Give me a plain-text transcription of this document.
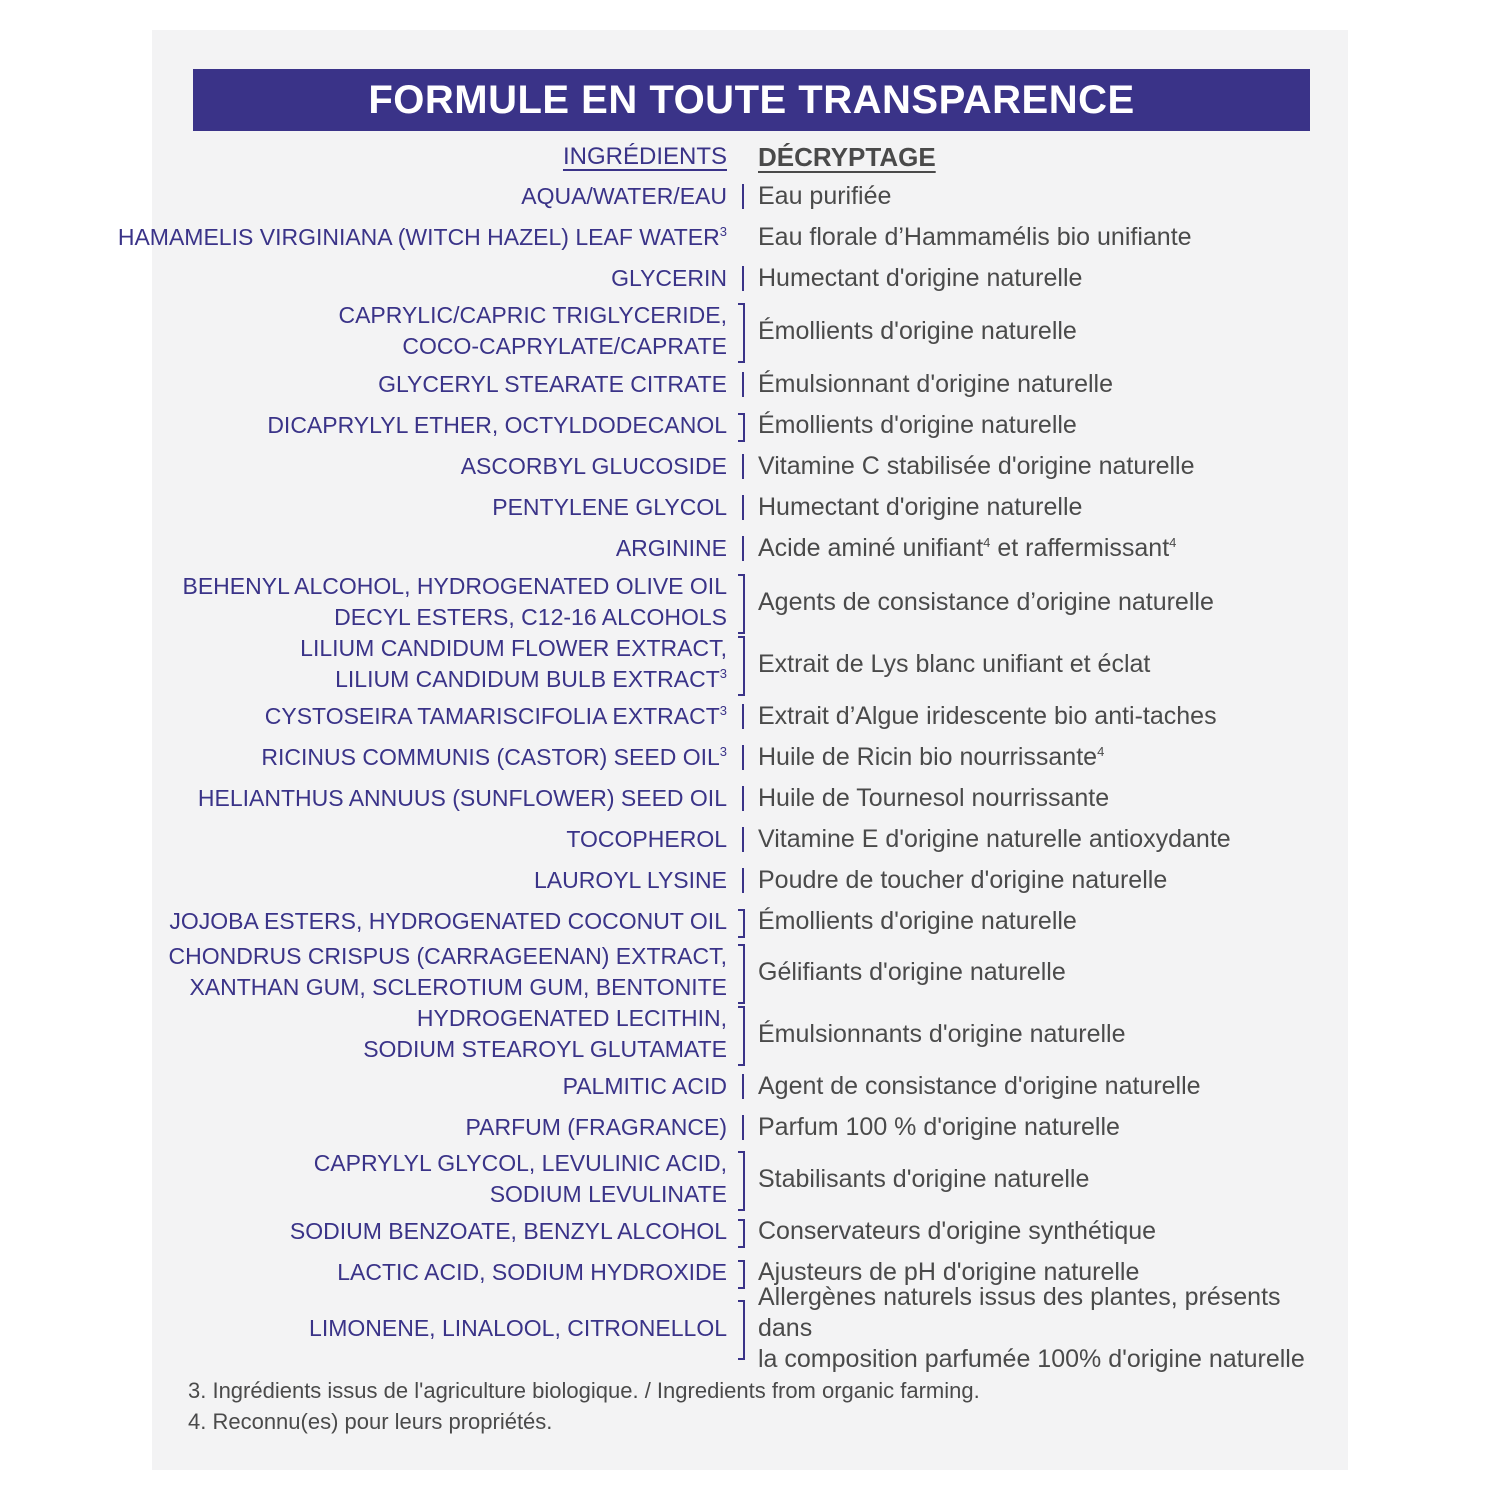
FORMULE EN TOUTE TRANSPARENCE
INGRÉDIENTS DÉCRYPTAGE
AQUA/WATER/EAU Eau purifiée
HAMAMELIS VIRGINIANA (WITCH HAZEL) LEAF WATER$^3$ Eau florale d’Hammamélis bio unifiante
GLYCERIN Humectant d'origine naturelle
CAPRYLIC/CAPRIC TRIGLYCERIDE,
COCO-CAPRYLATE/CAPRATE
Émollients d'origine naturelle
GLYCERYL STEARATE CITRATE Émulsionnant d'origine naturelle
DICAPRYLYL ETHER, OCTYLDODECANOL Émollients d'origine naturelle
ASCORBYL GLUCOSIDE Vitamine C stabilisée d'origine naturelle
PENTYLENE GLYCOL Humectant d'origine naturelle
ARGININE Acide aminé unifiant$^4$ et raffermissant$^4$
BEHENYL ALCOHOL, HYDROGENATED OLIVE OIL
DECYL ESTERS, C12-16 ALCOHOLS
Agents de consistance d’origine naturelle
LILIUM CANDIDUM FLOWER EXTRACT,
LILIUM CANDIDUM BULB EXTRACT$^3$ Extrait de Lys blanc unifiant et éclat
CYSTOSEIRA TAMARISCIFOLIA EXTRACT$^3$ Extrait d’Algue iridescente bio anti-taches
RICINUS COMMUNIS (CASTOR) SEED OIL$^3$ Huile de Ricin bio nourrissante$^4$
HELIANTHUS ANNUUS (SUNFLOWER) SEED OIL Huile de Tournesol nourrissante
TOCOPHEROL Vitamine E d'origine naturelle antioxydante
LAUROYL LYSINE Poudre de toucher d'origine naturelle
JOJOBA ESTERS, HYDROGENATED COCONUT OIL Émollients d'origine naturelle
CHONDRUS CRISPUS (CARRAGEENAN) EXTRACT,
XANTHAN GUM, SCLEROTIUM GUM, BENTONITE
Gélifiants d'origine naturelle
HYDROGENATED LECITHIN,
SODIUM STEAROYL GLUTAMATE
Émulsionnants d'origine naturelle
PALMITIC ACID Agent de consistance d'origine naturelle
PARFUM (FRAGRANCE) Parfum 100 % d'origine naturelle
CAPRYLYL GLYCOL, LEVULINIC ACID,
SODIUM LEVULINATE
Stabilisants d'origine naturelle
SODIUM BENZOATE, BENZYL ALCOHOL Conservateurs d'origine synthétique
LACTIC ACID, SODIUM HYDROXIDE Ajusteurs de pH d'origine naturelle
LIMONENE, LINALOOL, CITRONELLOL
Allergènes naturels issus des plantes, présents dans
la composition parfumée 100% d'origine naturelle
3. Ingrédients issus de l'agriculture biologique. / Ingredients from organic farming.
4. Reconnu(es) pour leurs propriétés.
